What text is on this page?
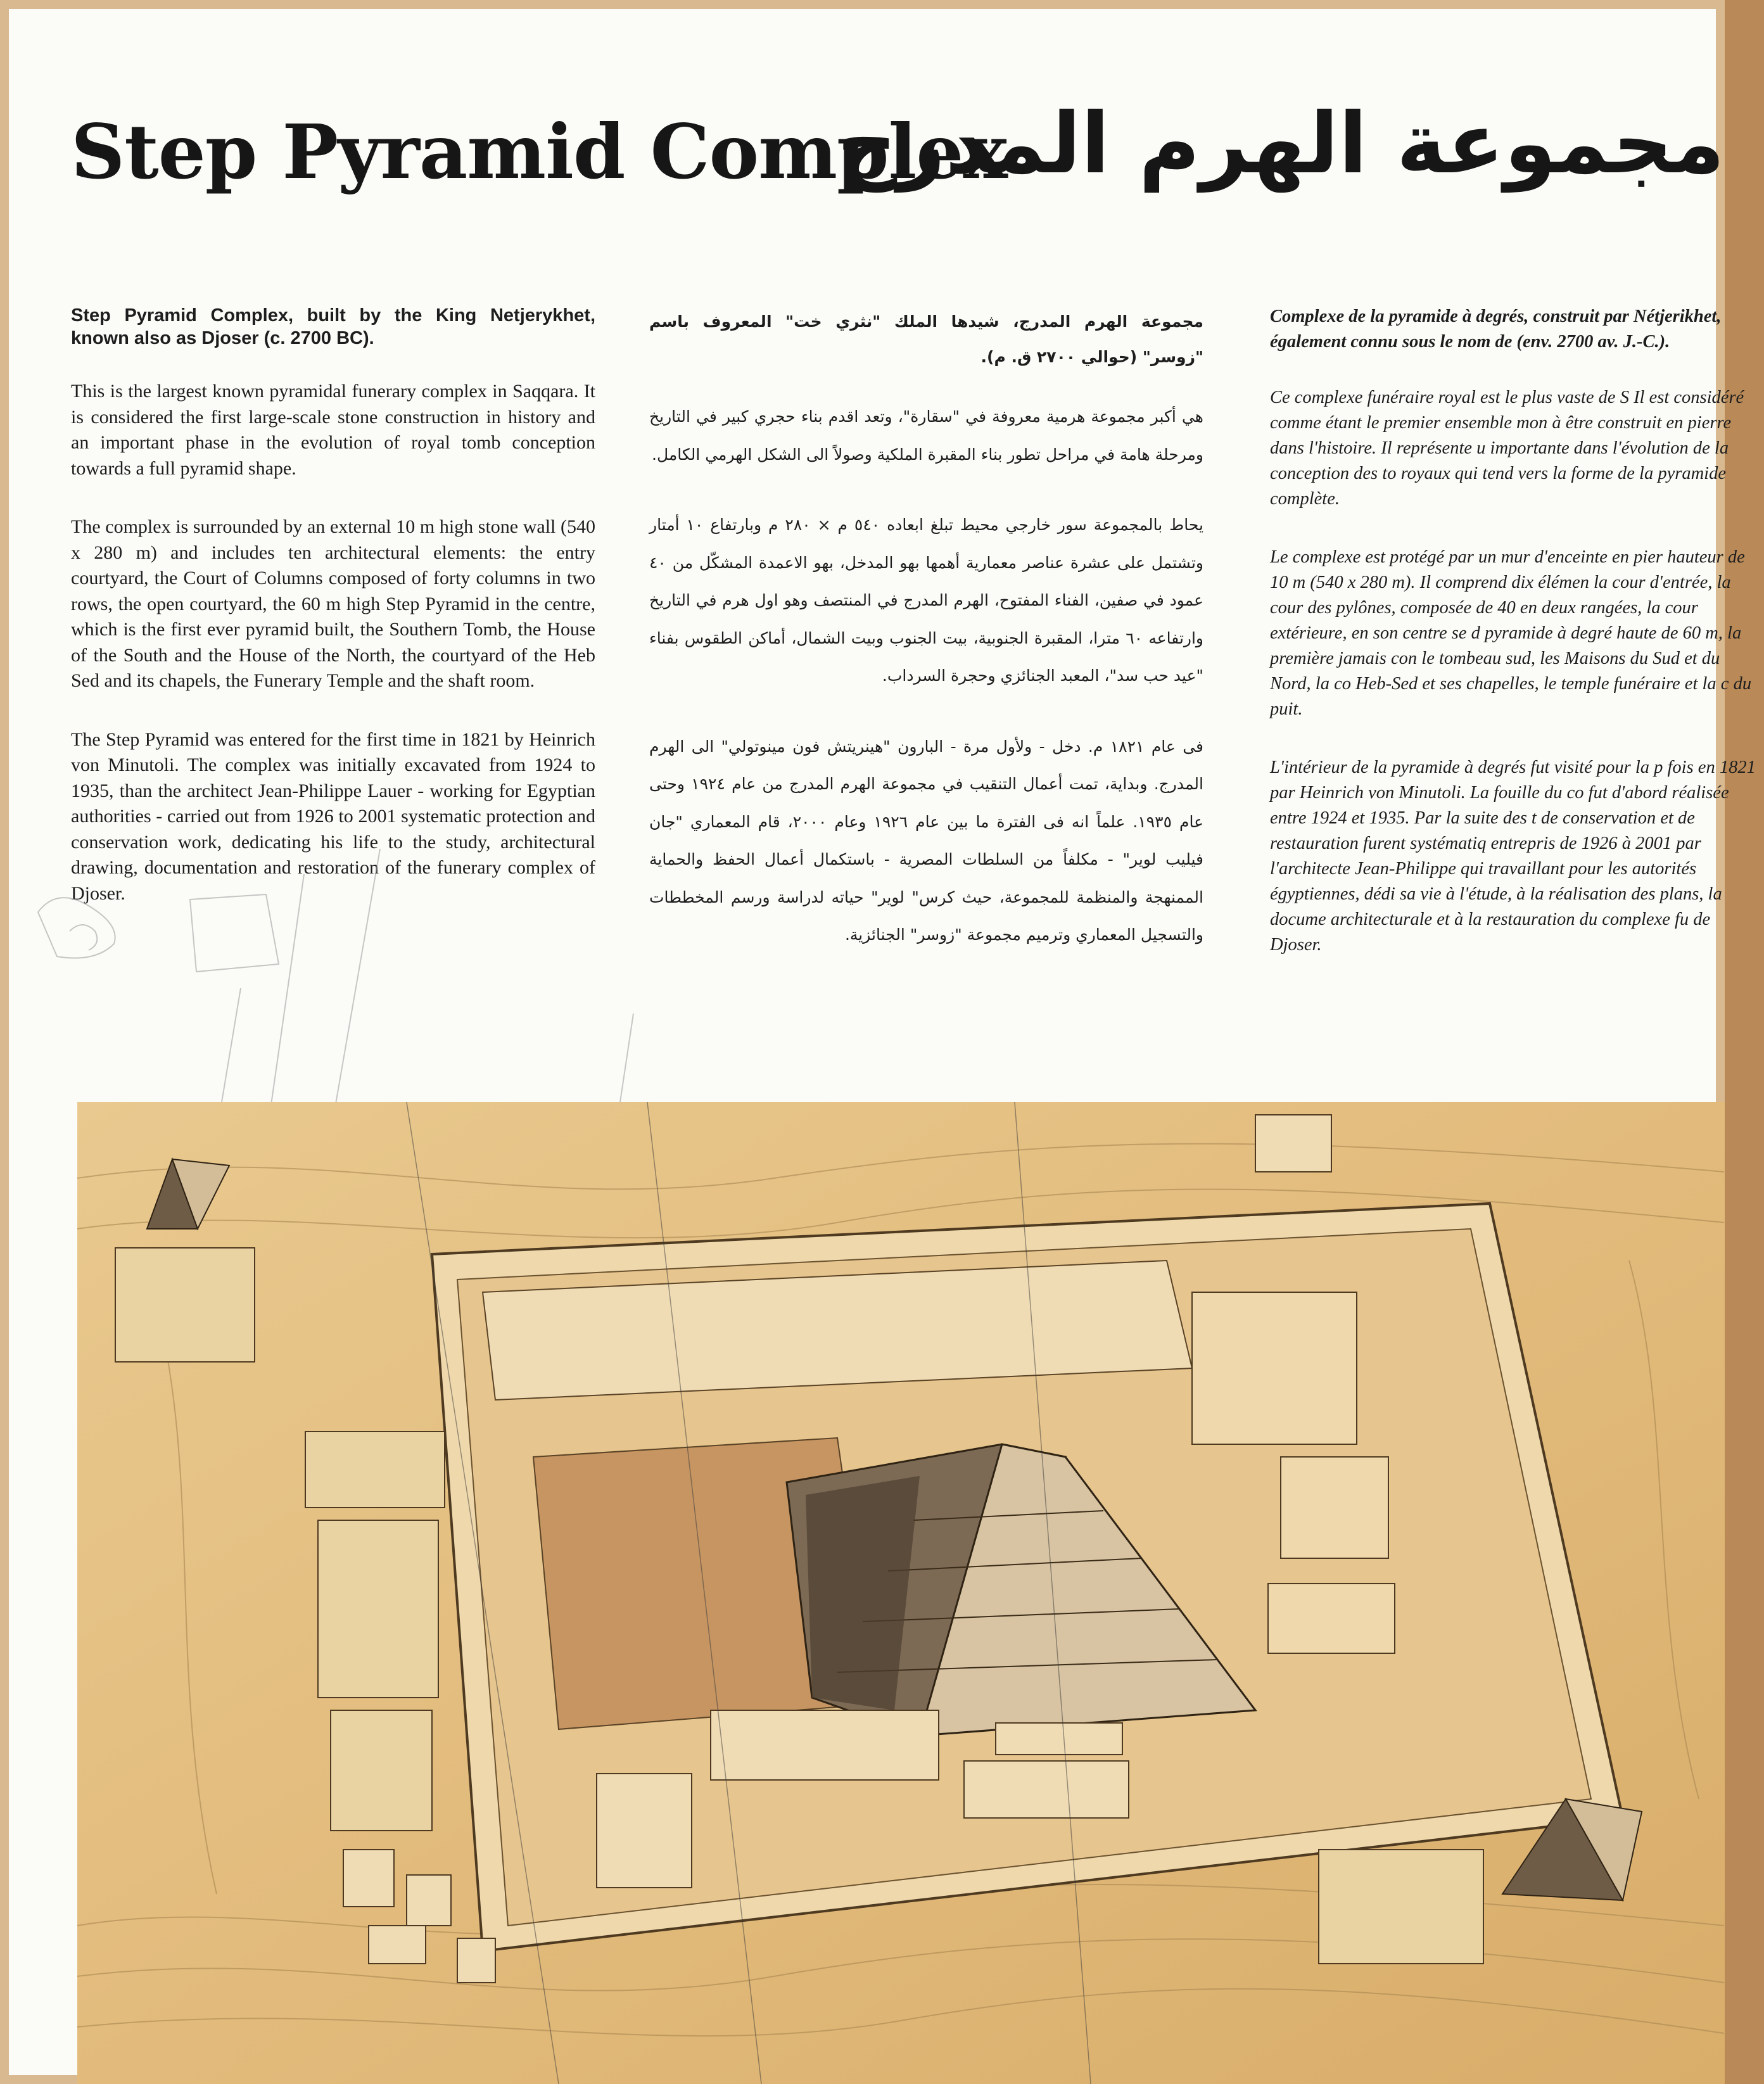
Step Pyramid Complex
مجموعة الهرم المدرج

Step Pyramid Complex, built by the King Netjerykhet, known also as Djoser (c. 2700 BC).

This is the largest known pyramidal funerary complex in Saqqara. It is considered the first large-scale stone construction in history and an important phase in the evolution of royal tomb conception towards a full pyramid shape.

The complex is surrounded by an external 10 m high stone wall (540 x 280 m) and includes ten architectural elements: the entry courtyard, the Court of Columns composed of forty columns in two rows, the open courtyard, the 60 m high Step Pyramid in the centre, which is the first ever pyramid built, the Southern Tomb, the House of the South and the House of the North, the courtyard of the Heb Sed and its chapels, the Funerary Temple and the shaft room.

The Step Pyramid was entered for the first time in 1821 by Heinrich von Minutoli. The complex was initially excavated from 1924 to 1935, than the architect Jean-Philippe Lauer - working for Egyptian authorities - carried out from 1926 to 2001 systematic protection and conservation work, dedicating his life to the study, architectural drawing, documentation and restoration of the funerary complex of Djoser.

مجموعة الهرم المدرج، شيدها الملك "نثري خت" المعروف باسم "زوسر" (حوالي ٢٧٠٠ ق. م).

هي أكبر مجموعة هرمية معروفة في "سقارة"، وتعد اقدم بناء حجري كبير في التاريخ ومرحلة هامة في مراحل تطور بناء المقبرة الملكية وصولاً الى الشكل الهرمي الكامل.

يحاط بالمجموعة سور خارجي محيط تبلغ ابعاده ٥٤٠ م × ٢٨٠ م وبارتفاع ١٠ أمتار وتشتمل على عشرة عناصر معمارية أهمها بهو المدخل، بهو الاعمدة المشكّل من ٤٠ عمود في صفين، الفناء المفتوح، الهرم المدرج في المنتصف وهو اول هرم في التاريخ وارتفاعه ٦٠ مترا، المقبرة الجنوبية، بيت الجنوب وبيت الشمال، أماكن الطقوس بفناء "عيد حب سد"، المعبد الجنائزي وحجرة السرداب.

فى عام ١٨٢١ م. دخل - ولأول مرة - البارون "هينريتش فون مينوتولي" الى الهرم المدرج. وبداية، تمت أعمال التنقيب في مجموعة الهرم المدرج من عام ١٩٢٤ وحتى عام ١٩٣٥. علماً انه فى الفترة ما بين عام ١٩٢٦ وعام ٢٠٠٠، قام المعماري "جان فيليب لوير" - مكلفاً من السلطات المصرية - باستكمال أعمال الحفظ والحماية الممنهجة والمنظمة للمجموعة، حيث كرس" لوير" حياته لدراسة ورسم المخططات والتسجيل المعماري وترميم مجموعة "زوسر" الجنائزية.

Complexe de la pyramide à degrés, construit par Nétjerikhet, également connu sous le nom de (env. 2700 av. J.-C.).

Ce complexe funéraire royal est le plus vaste de S Il est considéré comme étant le premier ensemble mon à être construit en pierre dans l'histoire. Il représente u importante dans l'évolution de la conception des to royaux qui tend vers la forme de la pyramide complète.

Le complexe est protégé par un mur d'enceinte en pier hauteur de 10 m (540 x 280 m). Il comprend dix élémen la cour d'entrée, la cour des pylônes, composée de 40 en deux rangées, la cour extérieure, en son centre se d pyramide à degré haute de 60 m, la première jamais con le tombeau sud, les Maisons du Sud et du Nord, la co Heb-Sed et ses chapelles, le temple funéraire et la c du puit.

L'intérieur de la pyramide à degrés fut visité pour la p fois en 1821 par Heinrich von Minutoli. La fouille du co fut d'abord réalisée entre 1924 et 1935. Par la suite des t de conservation et de restauration furent systématiq entrepris de 1926 à 2001 par l'architecte Jean-Philippe qui travaillant pour les autorités égyptiennes, dédi sa vie à l'étude, à la réalisation des plans, la docume architecturale et à la restauration du complexe fu de Djoser.
